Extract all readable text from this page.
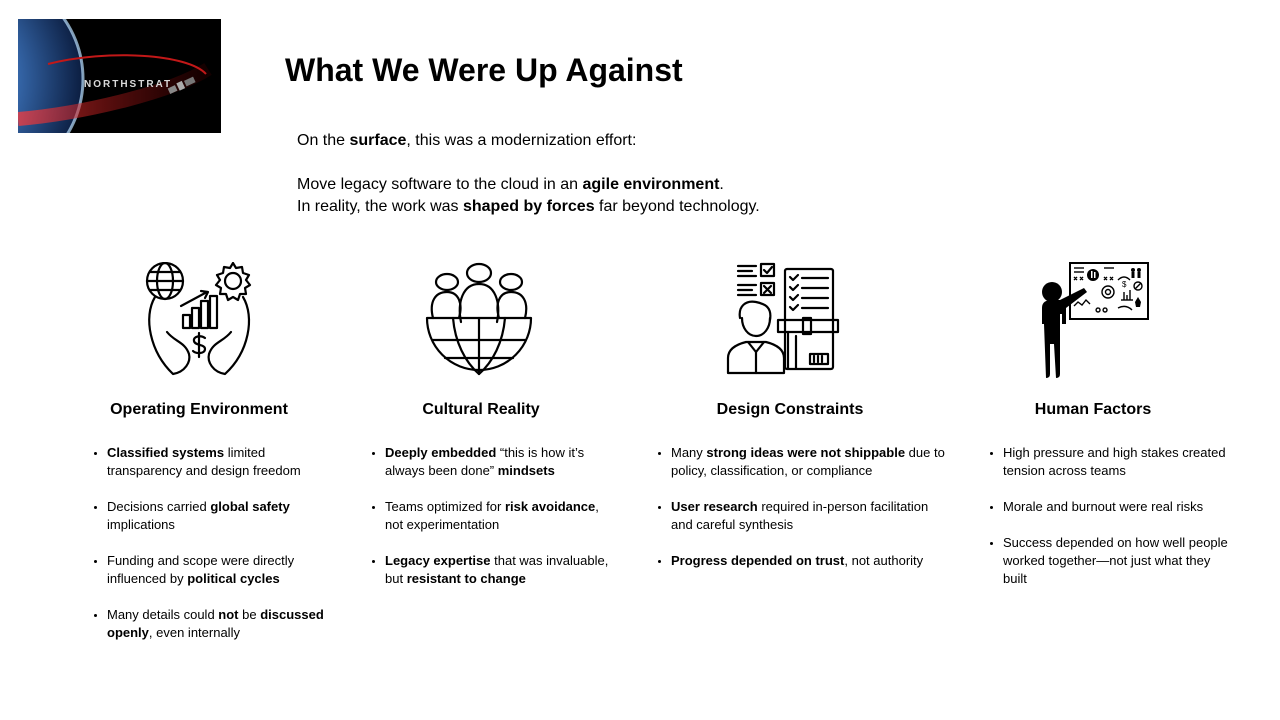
NORTHSTRAT	What We Were Up Against

On the surface, this was a modernization effort:

Move legacy software to the cloud in an agile environment.

In reality, the work was shaped by forces far beyond technology.

Operating Environment
• Classified systems limited transparency and design freedom
• Decisions carried global safety implications
• Funding and scope were directly influenced by political cycles
• Many details could not be discussed openly, even internally
Cultural Reality
• Deeply embedded “this is how it’s always been done” mindsets
• Teams optimized for risk avoidance, not experimentation
• Legacy expertise that was invaluable, but resistant to change
Design Constraints
• Many strong ideas were not shippable due to policy, classification, or compliance
• User research required in-person facilitation and careful synthesis
• Progress depended on trust, not authority
$
Human Factors
• High pressure and high stakes created tension across teams
• Morale and burnout were real risks
• Success depended on how well people worked together—not just what they built
